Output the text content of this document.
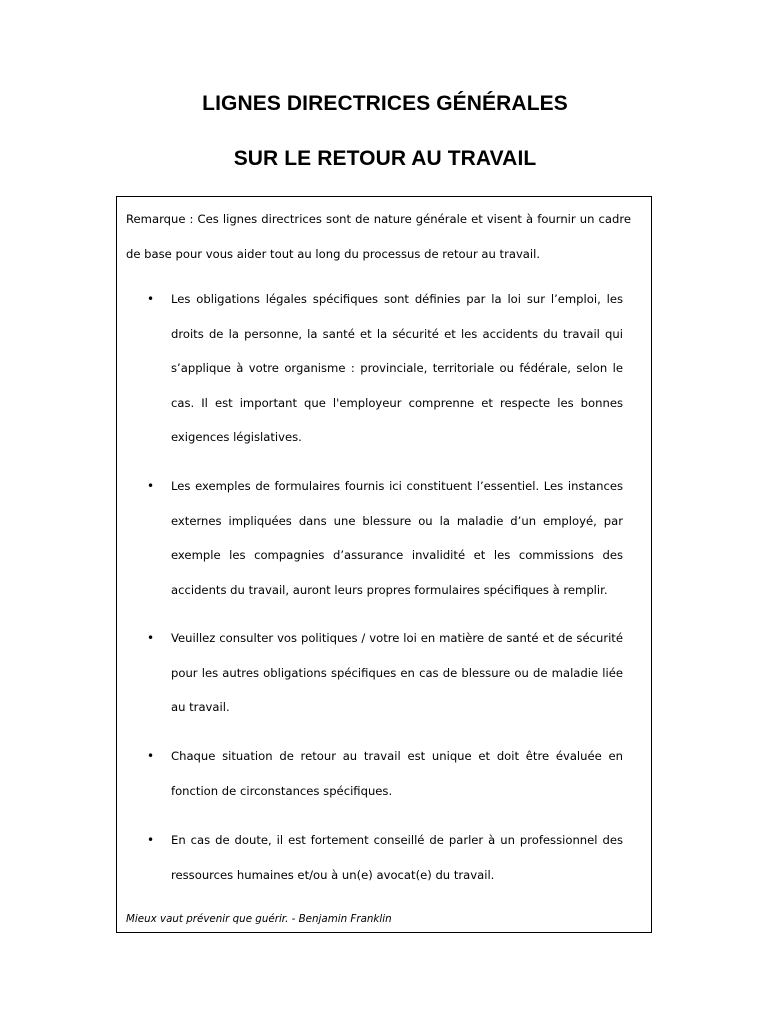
LIGNES DIRECTRICES GÉNÉRALES
SUR LE RETOUR AU TRAVAIL

Remarque : Ces lignes directrices sont de nature générale et visent à fournir un cadre de base pour vous aider tout au long du processus de retour au travail.

• Les obligations légales spécifiques sont définies par la loi sur l’emploi, les droits de la personne, la santé et la sécurité et les accidents du travail qui s’applique à votre organisme : provinciale, territoriale ou fédérale, selon le cas. Il est important que l'employeur comprenne et respecte les bonnes exigences législatives.

• Les exemples de formulaires fournis ici constituent l’essentiel. Les instances externes impliquées dans une blessure ou la maladie d’un employé, par exemple les compagnies d’assurance invalidité et les commissions des accidents du travail, auront leurs propres formulaires spécifiques à remplir.

• Veuillez consulter vos politiques / votre loi en matière de santé et de sécurité pour les autres obligations spécifiques en cas de blessure ou de maladie liée au travail.

• Chaque situation de retour au travail est unique et doit être évaluée en fonction de circonstances spécifiques.

• En cas de doute, il est fortement conseillé de parler à un professionnel des ressources humaines et/ou à un(e) avocat(e) du travail.

Mieux vaut prévenir que guérir. - Benjamin Franklin
